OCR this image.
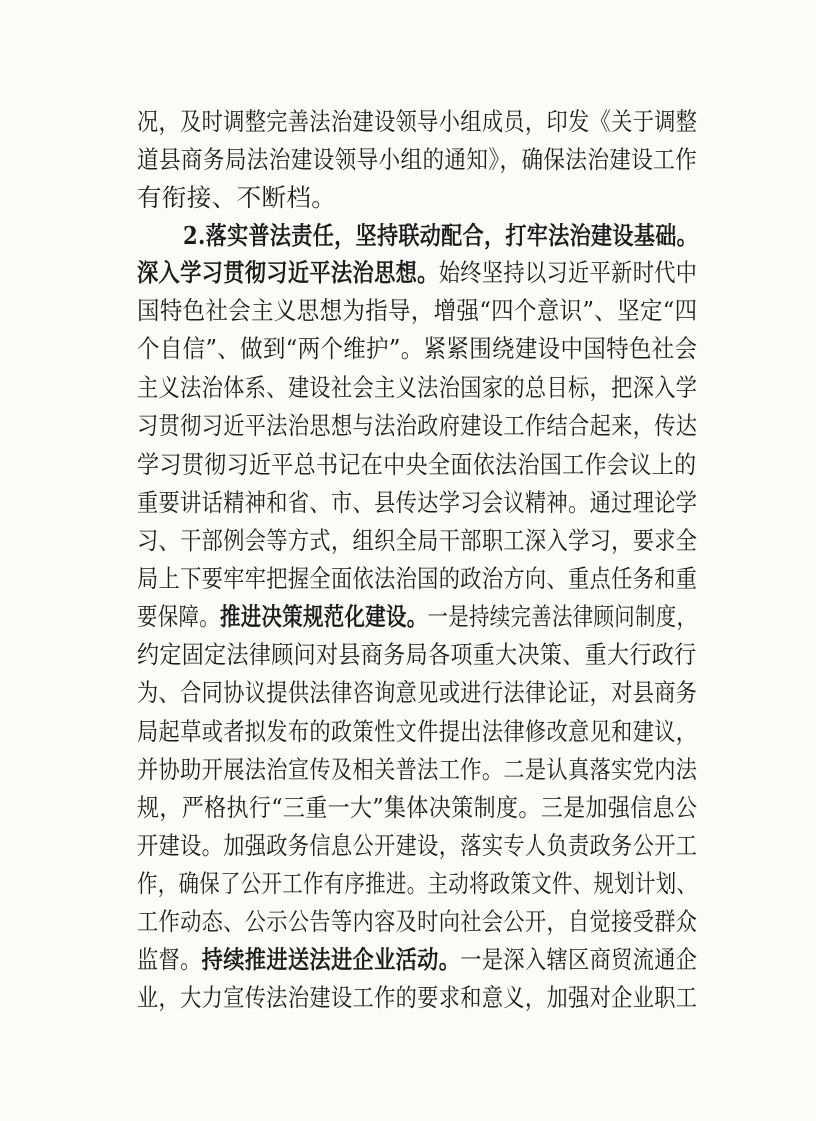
况，及时调整完善法治建设领导小组成员，印发《关于调整
道县商务局法治建设领导小组的通知》，确保法治建设工作
有衔接、不断档。
2.落实普法责任，坚持联动配合，打牢法治建设基础。
深入学习贯彻习近平法治思想。始终坚持以习近平新时代中
国特色社会主义思想为指导，增强“四个意识”、坚定“四
个自信”、做到“两个维护”。紧紧围绕建设中国特色社会
主义法治体系、建设社会主义法治国家的总目标，把深入学
习贯彻习近平法治思想与法治政府建设工作结合起来，传达
学习贯彻习近平总书记在中央全面依法治国工作会议上的
重要讲话精神和省、市、县传达学习会议精神。通过理论学
习、干部例会等方式，组织全局干部职工深入学习，要求全
局上下要牢牢把握全面依法治国的政治方向、重点任务和重
要保障。推进决策规范化建设。一是持续完善法律顾问制度，
约定固定法律顾问对县商务局各项重大决策、重大行政行
为、合同协议提供法律咨询意见或进行法律论证，对县商务
局起草或者拟发布的政策性文件提出法律修改意见和建议，
并协助开展法治宣传及相关普法工作。二是认真落实党内法
规，严格执行“三重一大”集体决策制度。三是加强信息公
开建设。加强政务信息公开建设，落实专人负责政务公开工
作，确保了公开工作有序推进。主动将政策文件、规划计划、
工作动态、公示公告等内容及时向社会公开，自觉接受群众
监督。持续推进送法进企业活动。一是深入辖区商贸流通企
业，大力宣传法治建设工作的要求和意义，加强对企业职工
